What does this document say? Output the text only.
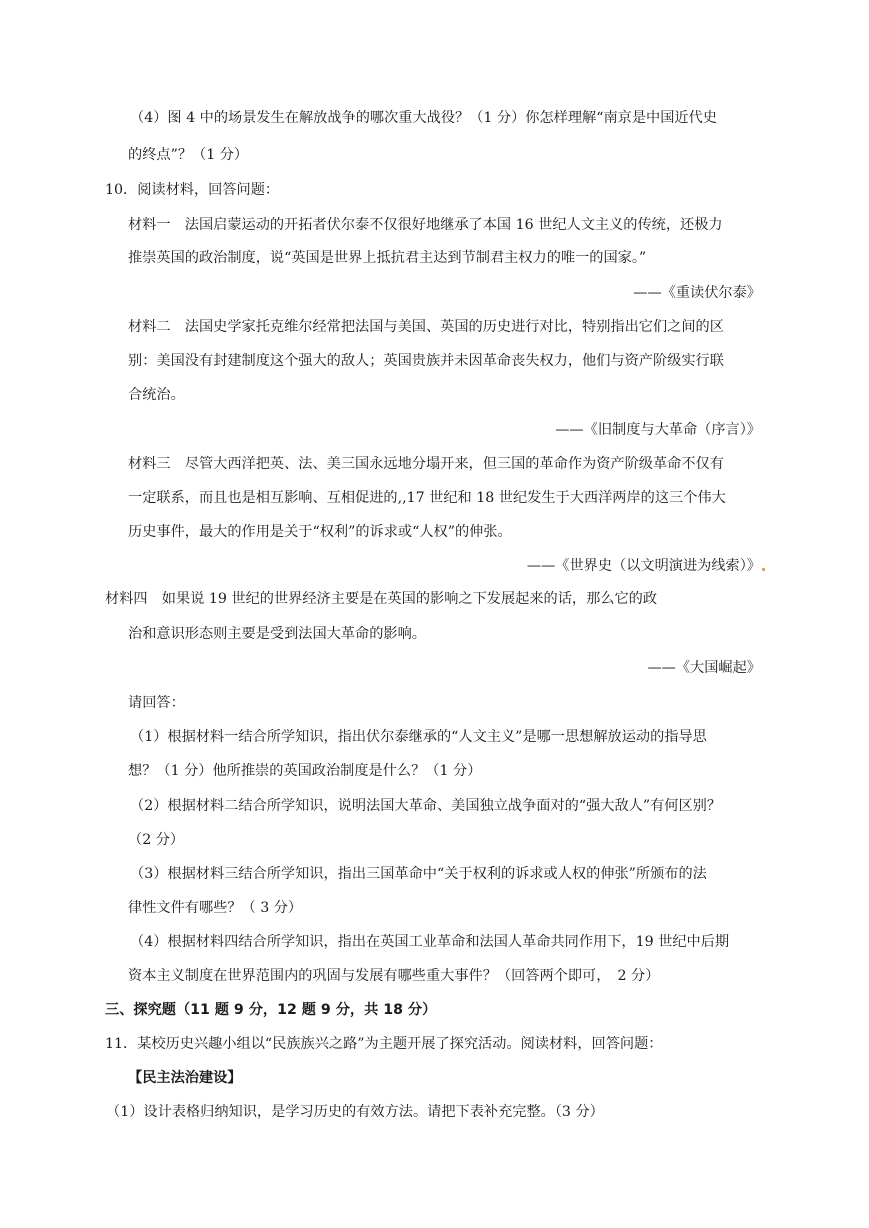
（4）图 4 中的场景发生在解放战争的哪次重大战役？（1 分）你怎样理解“南京是中国近代史
的终点”？（1 分）
10．阅读材料，回答问题：
材料一　法国启蒙运动的开拓者伏尔泰不仅很好地继承了本国 16 世纪人文主义的传统，还极力
推崇英国的政治制度，说“英国是世界上抵抗君主达到节制君主权力的唯一的国家。”
——《重读伏尔泰》
材料二　法国史学家托克维尔经常把法国与美国、英国的历史进行对比，特别指出它们之间的区
别：美国没有封建制度这个强大的敌人；英国贵族并未因革命丧失权力，他们与资产阶级实行联
合统治。
——《旧制度与大革命（序言）》
材料三　尽管大西洋把英、法、美三国永远地分塌开来，但三国的革命作为资产阶级革命不仅有
一定联系，而且也是相互影响、互相促进的,,17 世纪和 18 世纪发生于大西洋两岸的这三个伟大
历史事件，最大的作用是关于“权利”的诉求或“人权”的伸张。
——《世界史（以文明演进为线索）》
材料四　如果说 19 世纪的世界经济主要是在英国的影响之下发展起来的话，那么它的政
治和意识形态则主要是受到法国大革命的影响。
——《大国崛起》
请回答：
（1）根据材料一结合所学知识，指出伏尔泰继承的“人文主义”是哪一思想解放运动的指导思
想？（1 分）他所推崇的英国政治制度是什么？（1 分）
（2）根据材料二结合所学知识，说明法国大革命、美国独立战争面对的“强大敌人”有何区别？
（2 分）
（3）根据材料三结合所学知识，指出三国革命中“关于权利的诉求或人权的伸张”所颁布的法
律性文件有哪些？（ 3 分）
（4）根据材料四结合所学知识，指出在英国工业革命和法国人革命共同作用下，19 世纪中后期
资本主义制度在世界范围内的巩固与发展有哪些重大事件？（回答两个即可，　2 分）
三、探究题（11 题 9 分，12 题 9 分，共 18 分）
11．某校历史兴趣小组以“民族族兴之路”为主题开展了探究活动。阅读材料，回答问题：
【民主法治建设】
（1）设计表格归纳知识，是学习历史的有效方法。请把下表补充完整。（3 分）
